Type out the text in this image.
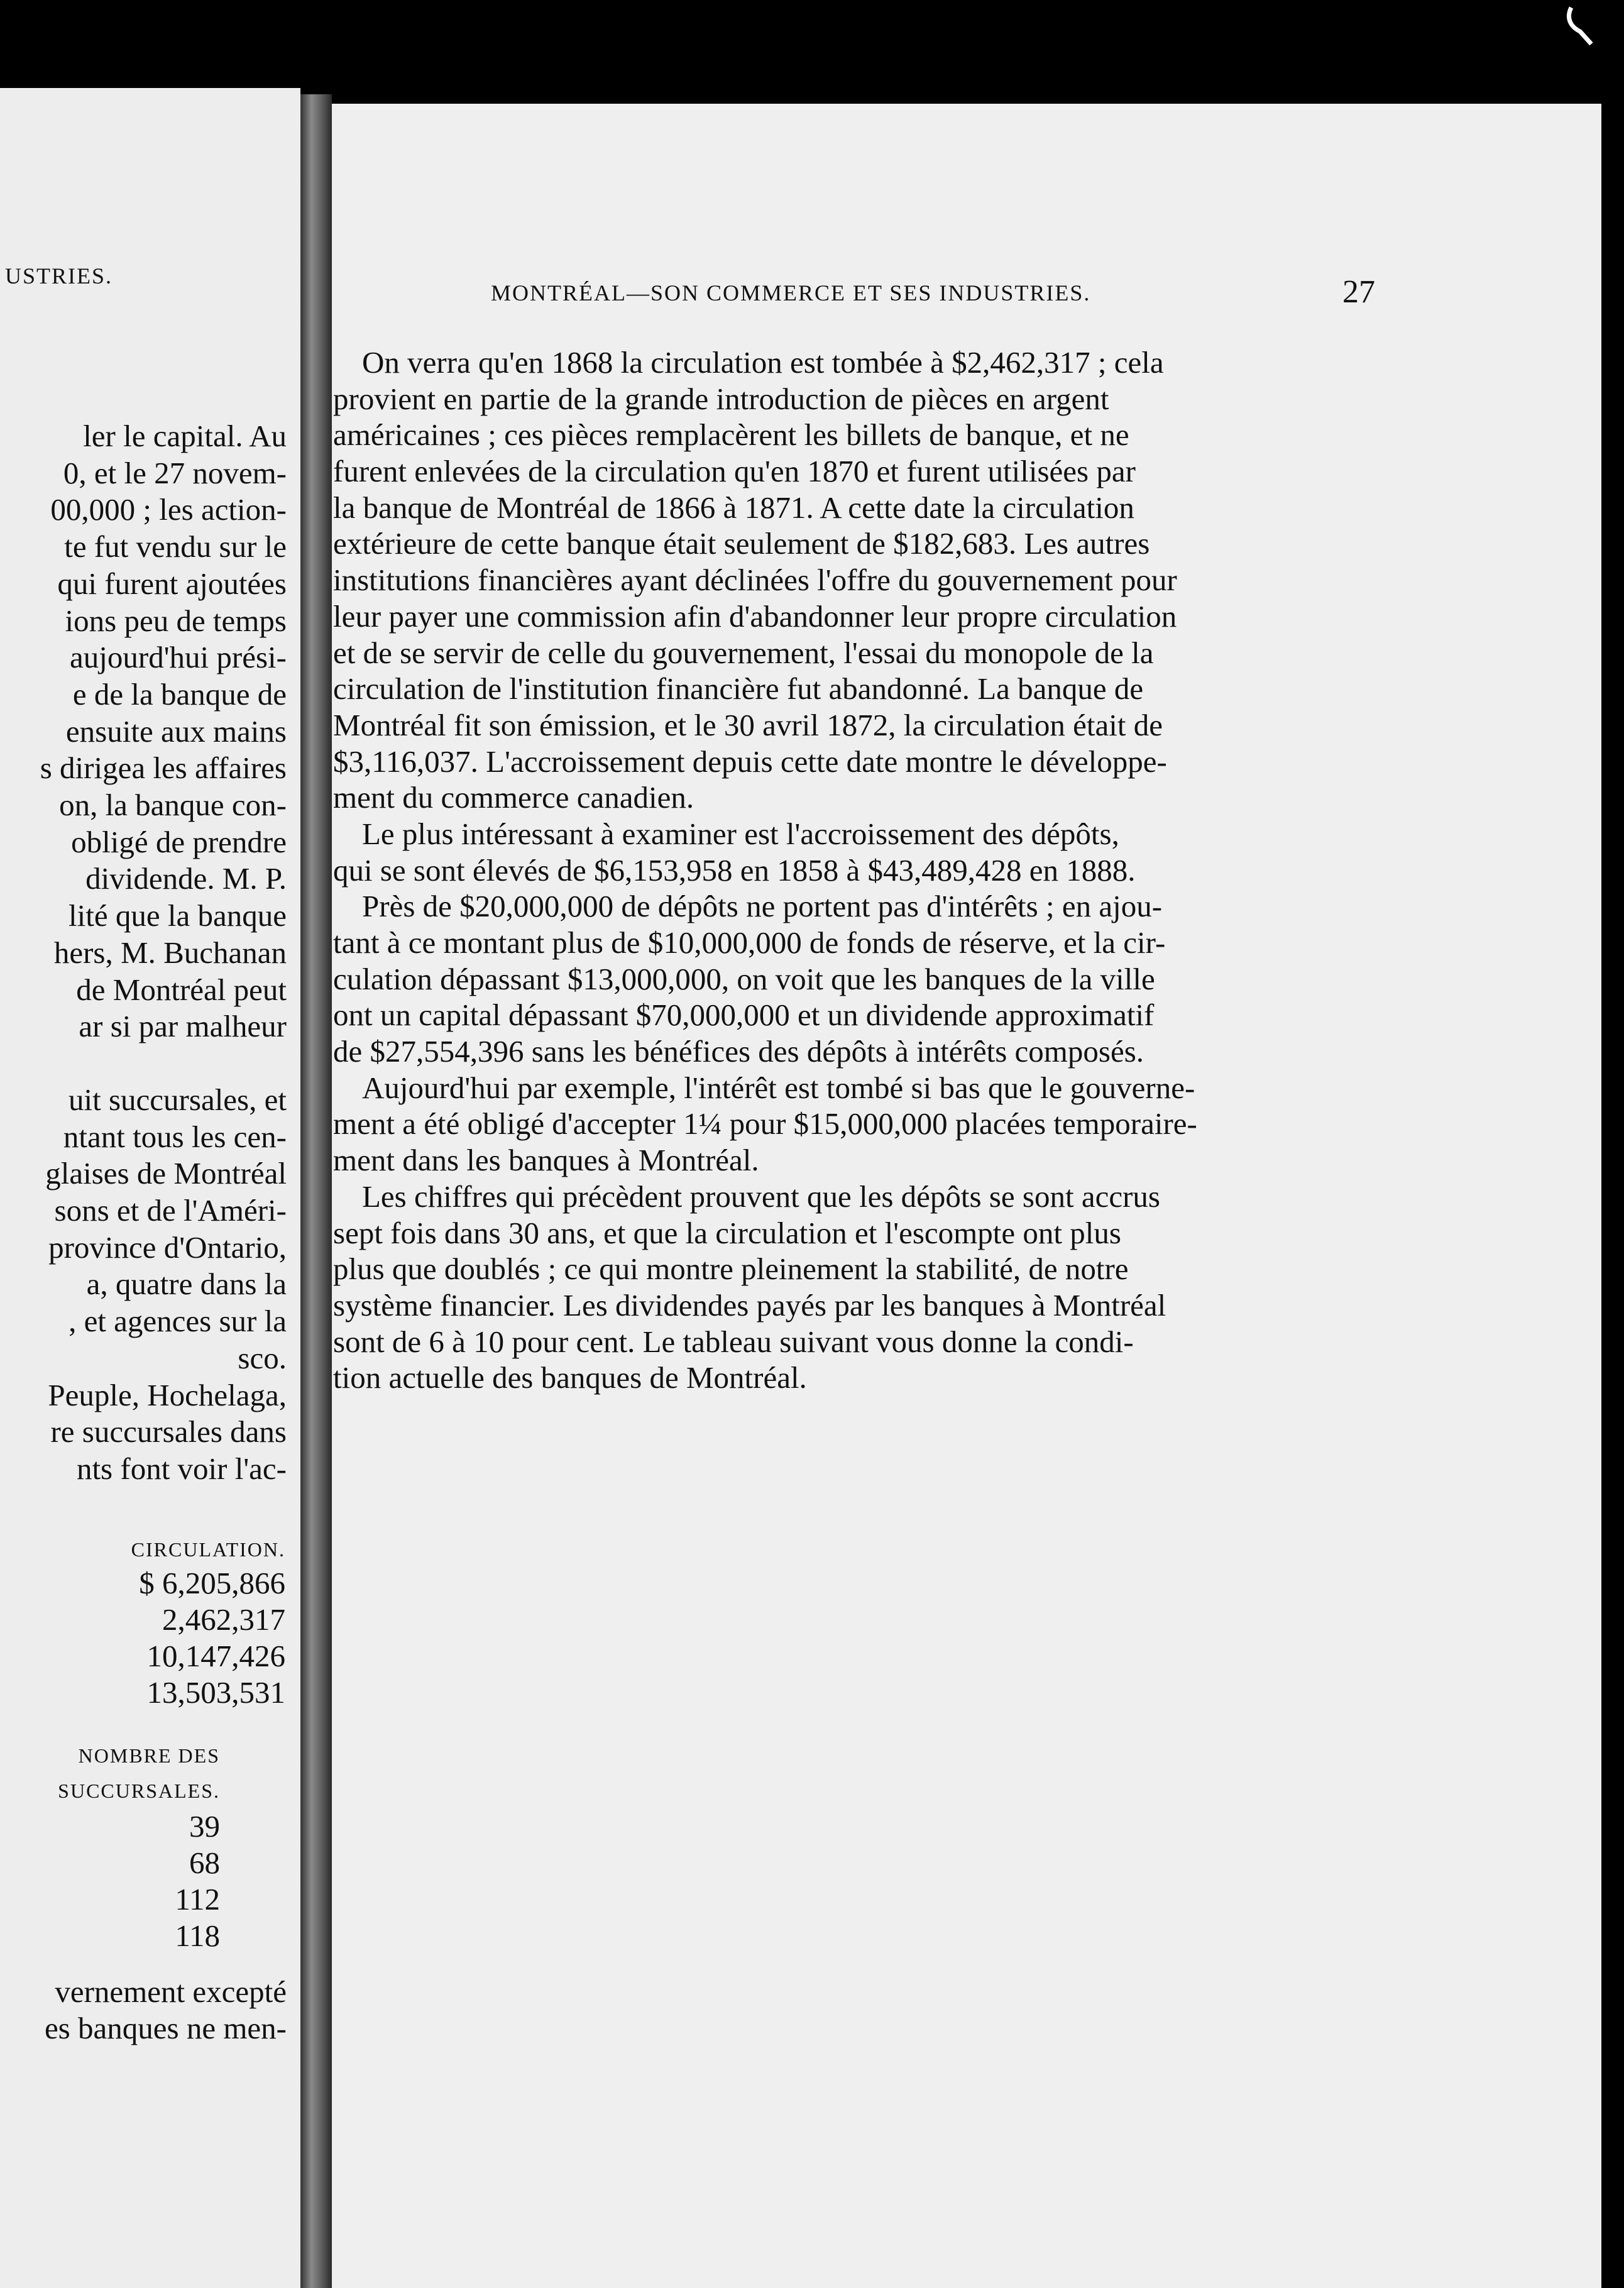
USTRIES.
ler le capital. Au
0, et le 27 novem-
00,000 ; les action-
te fut vendu sur le
qui furent ajoutées
ions peu de temps
aujourd'hui prési-
e de la banque de
ensuite aux mains
s dirigea les affaires
on, la banque con-
obligé de prendre
dividende. M. P.
lité que la banque
hers, M. Buchanan
de Montréal peut
ar si par malheur
uit succursales, et
ntant tous les cen-
glaises de Montréal
sons et de l'Améri-
province d'Ontario,
a, quatre dans la
, et agences sur la
sco.
Peuple, Hochelaga,
re succursales dans
nts font voir l'ac-
CIRCULATION.
$ 6,205,866
2,462,317
10,147,426
13,503,531
NOMBRE DES
SUCCURSALES.
39
68
112
118
vernement excepté
es banques ne men-
MONTRÉAL—SON COMMERCE ET SES INDUSTRIES.	27
On verra qu'en 1868 la circulation est tombée à $2,462,317 ; cela
provient en partie de la grande introduction de pièces en argent
américaines ; ces pièces remplacèrent les billets de banque, et ne
furent enlevées de la circulation qu'en 1870 et furent utilisées par
la banque de Montréal de 1866 à 1871. A cette date la circulation
extérieure de cette banque était seulement de $182,683. Les autres
institutions financières ayant déclinées l'offre du gouvernement pour
leur payer une commission afin d'abandonner leur propre circulation
et de se servir de celle du gouvernement, l'essai du monopole de la
circulation de l'institution financière fut abandonné. La banque de
Montréal fit son émission, et le 30 avril 1872, la circulation était de
$3,116,037. L'accroissement depuis cette date montre le développe-
ment du commerce canadien.
Le plus intéressant à examiner est l'accroissement des dépôts,
qui se sont élevés de $6,153,958 en 1858 à $43,489,428 en 1888.
Près de $20,000,000 de dépôts ne portent pas d'intérêts ; en ajou-
tant à ce montant plus de $10,000,000 de fonds de réserve, et la cir-
culation dépassant $13,000,000, on voit que les banques de la ville
ont un capital dépassant $70,000,000 et un dividende approximatif
de $27,554,396 sans les bénéfices des dépôts à intérêts composés.
Aujourd'hui par exemple, l'intérêt est tombé si bas que le gouverne-
ment a été obligé d'accepter 1¼ pour $15,000,000 placées temporaire-
ment dans les banques à Montréal.
Les chiffres qui précèdent prouvent que les dépôts se sont accrus
sept fois dans 30 ans, et que la circulation et l'escompte ont plus
plus que doublés ; ce qui montre pleinement la stabilité, de notre
système financier. Les dividendes payés par les banques à Montréal
sont de 6 à 10 pour cent. Le tableau suivant vous donne la condi-
tion actuelle des banques de Montréal.
